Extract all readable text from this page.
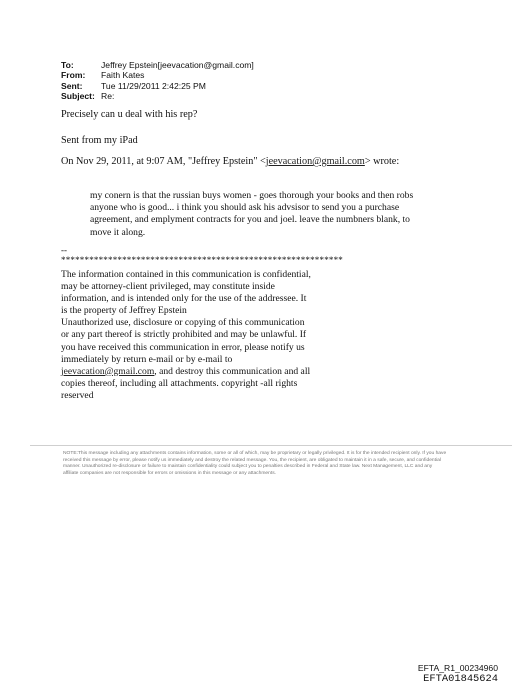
To:	Jeffrey Epstein[jeevacation@gmail.com]
From:	Faith Kates
Sent:	Tue 11/29/2011 2:42:25 PM
Subject: Re:
Precisely can u deal with his rep?
Sent from my iPad
On Nov 29, 2011, at 9:07 AM, "Jeffrey Epstein" <jeevacation@gmail.com> wrote:
my conern is that the russian buys women - goes thorough your books and then robs anyone who is good... i think you should ask his advsisor to send you a purchase agreement, and emplyment contracts for you and joel. leave the numbners blank, to move it along.
--
************************************************************
The information contained in this communication is confidential, may be attorney-client privileged, may constitute inside information, and is intended only for the use of the addressee. It is the property of Jeffrey Epstein
Unauthorized use, disclosure or copying of this communication or any part thereof is strictly prohibited and may be unlawful. If you have received this communication in error, please notify us immediately by return e-mail or by e-mail to jeevacation@gmail.com, and destroy this communication and all copies thereof, including all attachments. copyright -all rights reserved
NOTE:This message including any attachments contains information, some or all of which, may be proprietary or legally privileged. It is for the intended recipient only. If you have received this message by error, please notify us immediately and destroy the related message. You, the recipient, are obligated to maintain it in a safe, secure, and confidential manner. Unauthorized re-disclosure or failure to maintain confidentiality could subject you to penalties described in Federal and State law. Next Management, LLC and any affiliate companies are not responsible for errors or omissions in this message or any attachments.
EFTA_R1_00234960
EFTA01845624
